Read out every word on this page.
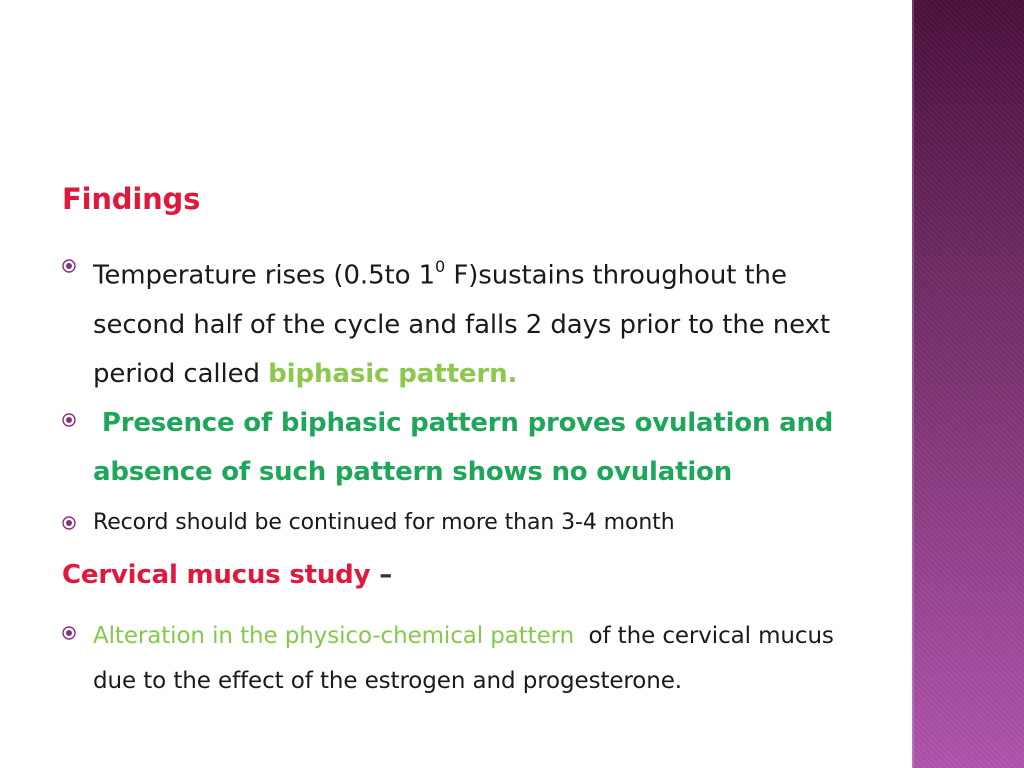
Findings
Temperature rises (0.5to $1^0$ F)sustains throughout the second half of the cycle and falls 2 days prior to the next period called biphasic pattern.
Presence of biphasic pattern proves ovulation and absence of such pattern shows no ovulation
Record should be continued for more than 3-4 month
Cervical mucus study –
Alteration in the physico-chemical pattern  of the cervical mucus due to the effect of the estrogen and progesterone.
